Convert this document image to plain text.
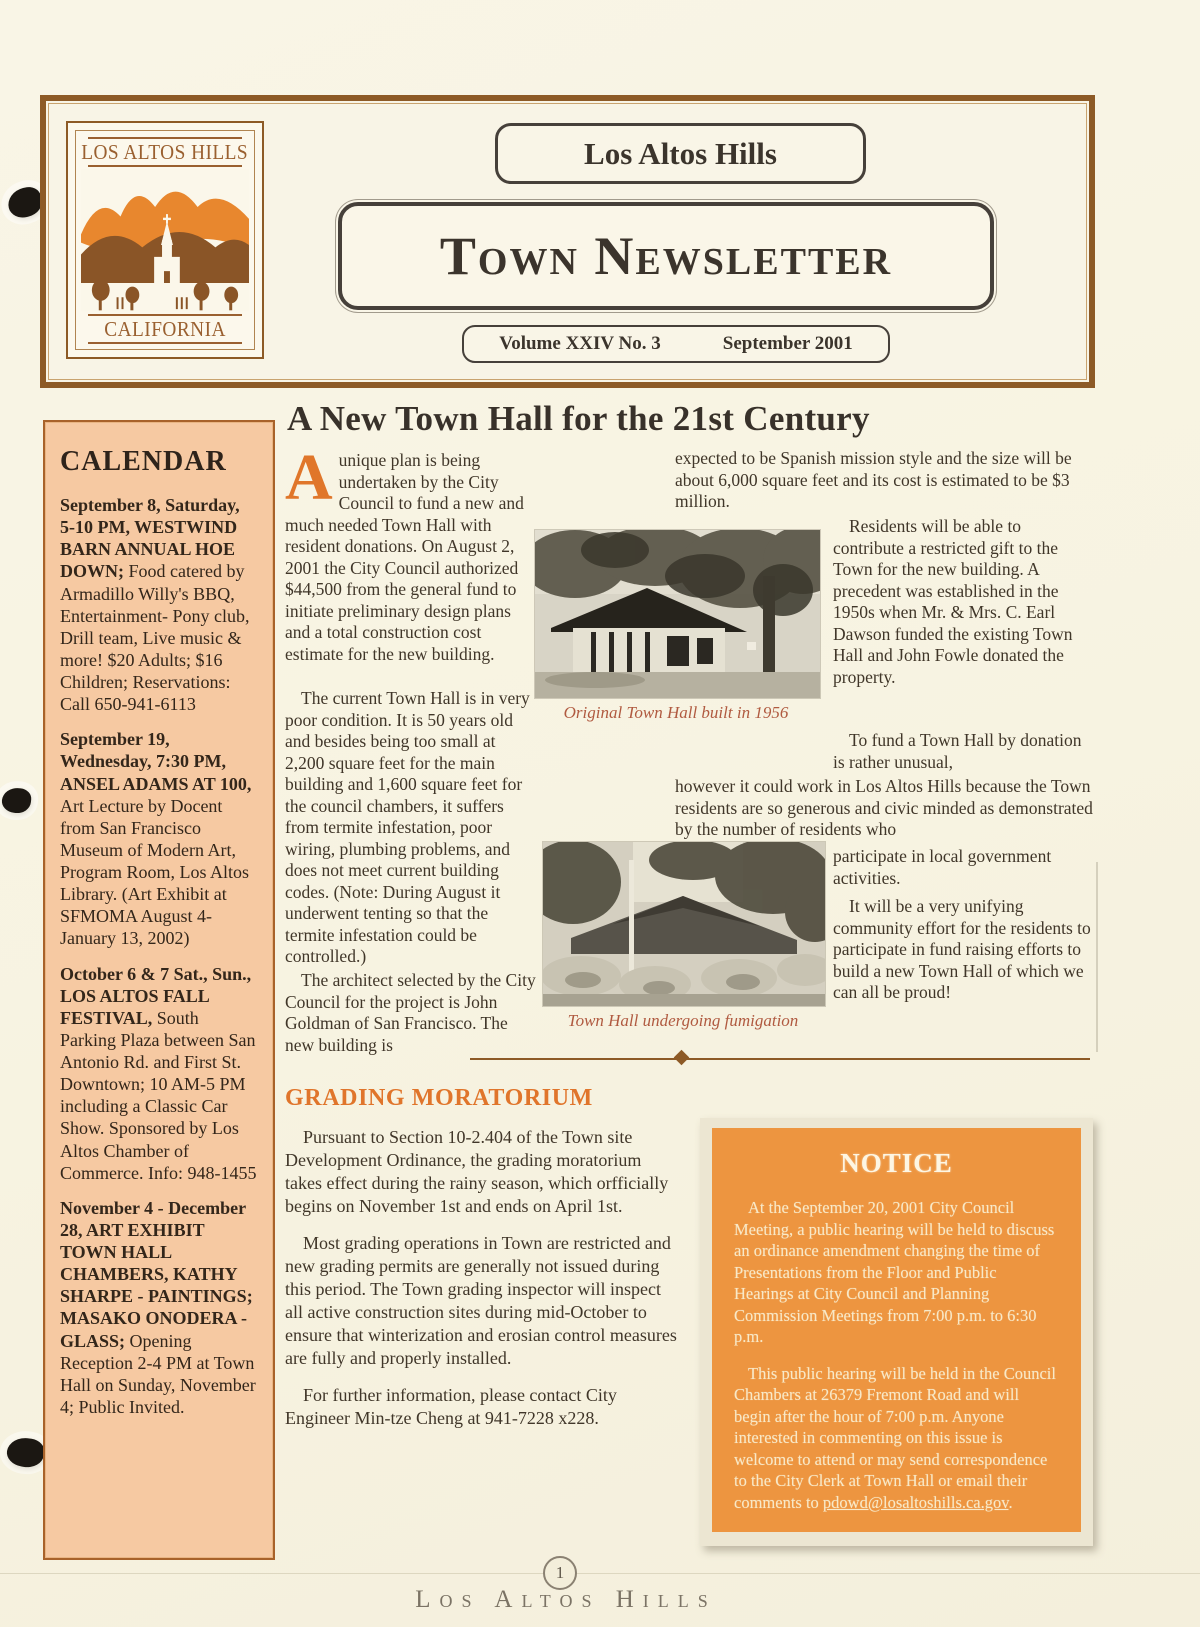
LOS ALTOS HILLS
CALIFORNIA
Los Altos Hills
Town Newsletter
Volume XXIV No. 3	September 2001
CALENDAR
September 8, Saturday, 5-10 PM, WESTWIND BARN ANNUAL HOE DOWN; Food catered by Armadillo Willy's BBQ, Entertainment- Pony club, Drill team, Live music & more! $20 Adults; $16 Children; Reservations: Call 650-941-6113
September 19, Wednesday, 7:30 PM, ANSEL ADAMS AT 100, Art Lecture by Docent from San Francisco Museum of Modern Art, Program Room, Los Altos Library. (Art Exhibit at SFMOMA August 4- January 13, 2002)
October 6 & 7 Sat., Sun., LOS ALTOS FALL FESTIVAL, South Parking Plaza between San Antonio Rd. and First St. Downtown; 10 AM-5 PM including a Classic Car Show. Sponsored by Los Altos Chamber of Commerce. Info: 948-1455
November 4 - December 28, ART EXHIBIT TOWN HALL CHAMBERS, KATHY SHARPE - PAINTINGS; MASAKO ONODERA - GLASS; Opening Reception 2-4 PM at Town Hall on Sunday, November 4; Public Invited.
A New Town Hall for the 21st Century
Aunique plan is being undertaken by the City Council to fund a new and much needed Town Hall with resident donations. On August 2, 2001 the City Council authorized $44,500 from the general fund to initiate preliminary design plans and a total construction cost estimate for the new building.
The current Town Hall is in very poor condition. It is 50 years old and besides being too small at 2,200 square feet for the main building and 1,600 square feet for the council chambers, it suffers from termite infestation, poor wiring, plumbing problems, and does not meet current building codes. (Note: During August it underwent tenting so that the termite infestation could be controlled.)
The architect selected by the City Council for the project is John Goldman of San Francisco. The new building is
expected to be Spanish mission style and the size will be about 6,000 square feet and its cost is estimated to be $3 million.
Residents will be able to contribute a restricted gift to the Town for the new building. A precedent was established in the 1950s when Mr. & Mrs. C. Earl Dawson funded the existing Town Hall and John Fowle donated the property.
To fund a Town Hall by donation is rather unusual,
however it could work in Los Altos Hills because the Town residents are so generous and civic minded as demonstrated by the number of residents who
participate in local government activities.
It will be a very unifying community effort for the residents to participate in fund raising efforts to build a new Town Hall of which we can all be proud!
Original Town Hall built in 1956
Town Hall undergoing fumigation
GRADING MORATORIUM

Pursuant to Section 10-2.404 of the Town site Development Ordinance, the grading moratorium takes effect during the rainy season, which orfficially begins on November 1st and ends on April 1st.

Most grading operations in Town are restricted and new grading permits are generally not issued during this period. The Town grading inspector will inspect all active construction sites during mid-October to ensure that winterization and erosian control measures are fully and properly installed.

For further information, please contact City Engineer Min-tze Cheng at 941-7228 x228.

NOTICE

At the September 20, 2001 City Council Meeting, a public hearing will be held to discuss an ordinance amendment changing the time of Presentations from the Floor and Public Hearings at City Council and Planning Commission Meetings from 7:00 p.m. to 6:30 p.m.

This public hearing will be held in the Council Chambers at 26379 Fremont Road and will begin after the hour of 7:00 p.m. Anyone interested in commenting on this issue is welcome to attend or may send correspondence to the City Clerk at Town Hall or email their comments to pdowd@losaltoshills.ca.gov.

1
Los Altos Hills
